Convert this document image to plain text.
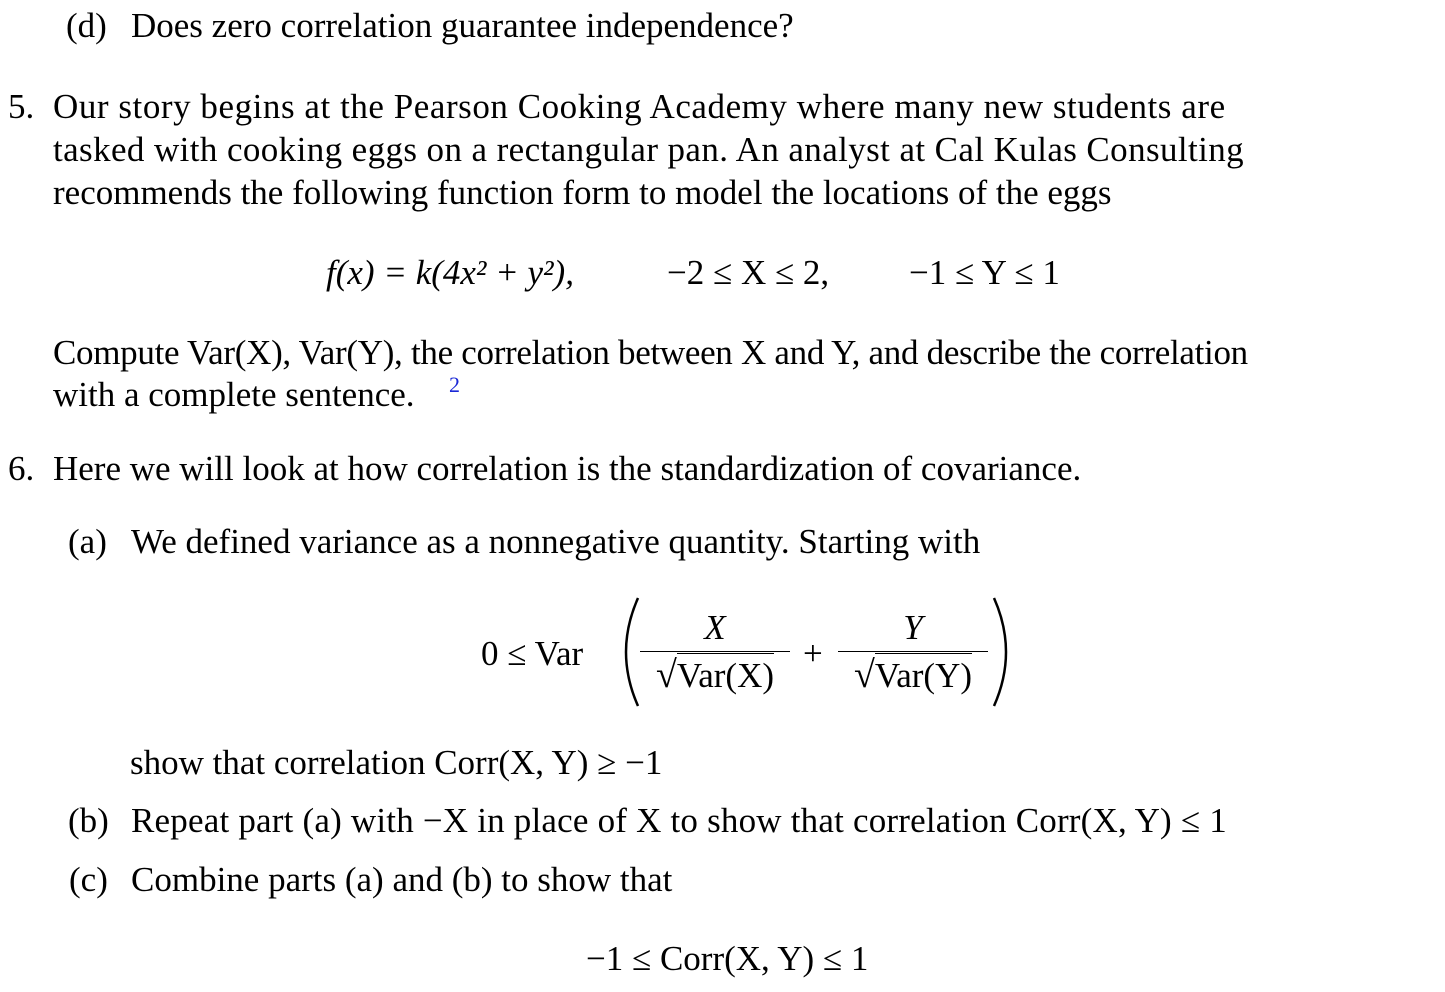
(d) Does zero correlation guarantee independence?
5. Our story begins at the Pearson Cooking Academy where many new students are
tasked with cooking eggs on a rectangular pan. An analyst at Cal Kulas Consulting
recommends the following function form to model the locations of the eggs
f(x) = k(4x² + y²),	−2 ≤ X ≤ 2, −1 ≤ Y ≤ 1
Compute Var(X), Var(Y), the correlation between X and Y, and describe the correlation
with a complete sentence. 2
6. Here we will look at how correlation is the standardization of covariance.
(a) We defined variance as a nonnegative quantity. Starting with
0 ≤ Var
X
√Var(X)
+
Y
√Var(Y)
show that correlation Corr(X, Y) ≥ −1
(b) Repeat part (a) with −X in place of X to show that correlation Corr(X, Y) ≤ 1
(c) Combine parts (a) and (b) to show that
−1 ≤ Corr(X, Y) ≤ 1
